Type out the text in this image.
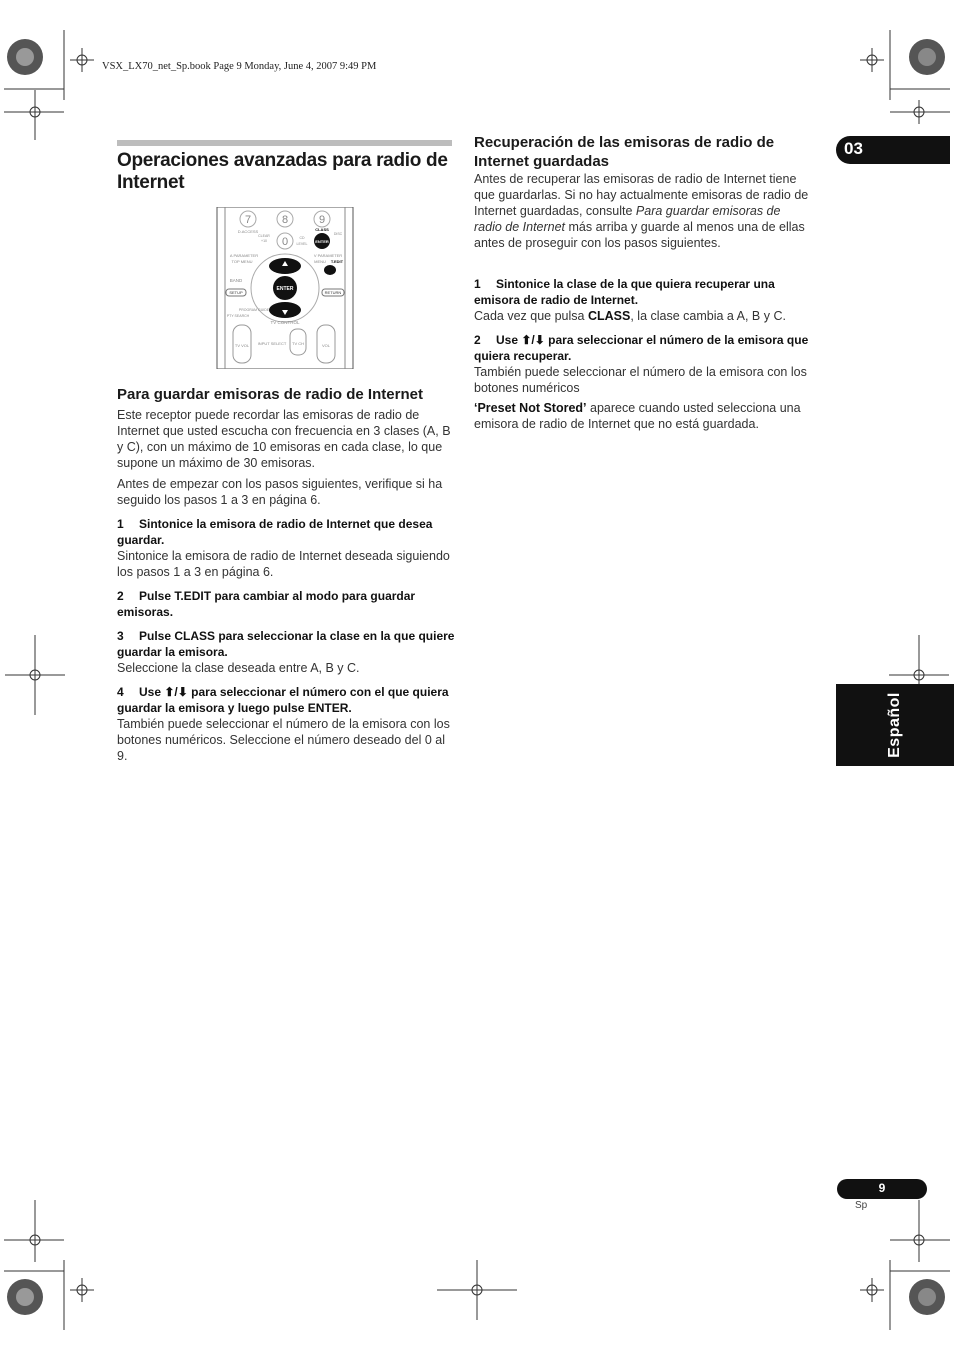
VSX_LX70_net_Sp.book Page 9 Monday, June 4, 2007 9:49 PM
03
Español
Operaciones avanzadas para radio de Internet
7	8	9
0
D.ACCESS
CLEAR
+10
CD
LEVEL
DISC
CLASS
ENTER
A PARAMETER
TOP MENU
V PARAMETER
MENU T.EDIT
ENTER
BAND
SETUP	RETURN
PROGRAM GUIDE
PTY SEARCH
TV CONTROL
TV VOL INPUT SELECT TV CH	VOL
Para guardar emisoras de radio de Internet
Este receptor puede recordar las emisoras de radio de Internet que usted escucha con frecuencia en 3 clases (A, B y C), con un máximo de 10 emisoras en cada clase, lo que supone un máximo de 30 emisoras.
Antes de empezar con los pasos siguientes, verifique si ha seguido los pasos 1 a 3 en página 6.
1 Sintonice la emisora de radio de Internet que desea guardar.
Sintonice la emisora de radio de Internet deseada siguiendo los pasos 1 a 3 en página 6.
2 Pulse T.EDIT para cambiar al modo para guardar emisoras.
3 Pulse CLASS para seleccionar la clase en la que quiere guardar la emisora.
Seleccione la clase deseada entre A, B y C.
4 Use ⬆/⬇ para seleccionar el número con el que quiera guardar la emisora y luego pulse ENTER.
También puede seleccionar el número de la emisora con los botones numéricos. Seleccione el número deseado del 0 al 9.
Recuperación de las emisoras de radio de Internet guardadas
Antes de recuperar las emisoras de radio de Internet tiene que guardarlas. Si no hay actualmente emisoras de radio de Internet guardadas, consulte Para guardar emisoras de radio de Internet más arriba y guarde al menos una de ellas antes de proseguir con los pasos siguientes.
1 Sintonice la clase de la que quiera recuperar una emisora de radio de Internet.
Cada vez que pulsa CLASS, la clase cambia a A, B y C.
2 Use ⬆/⬇ para seleccionar el número de la emisora que quiera recuperar.
También puede seleccionar el número de la emisora con los botones numéricos
‘Preset Not Stored’ aparece cuando usted selecciona una emisora de radio de Internet que no está guardada.
9
Sp
